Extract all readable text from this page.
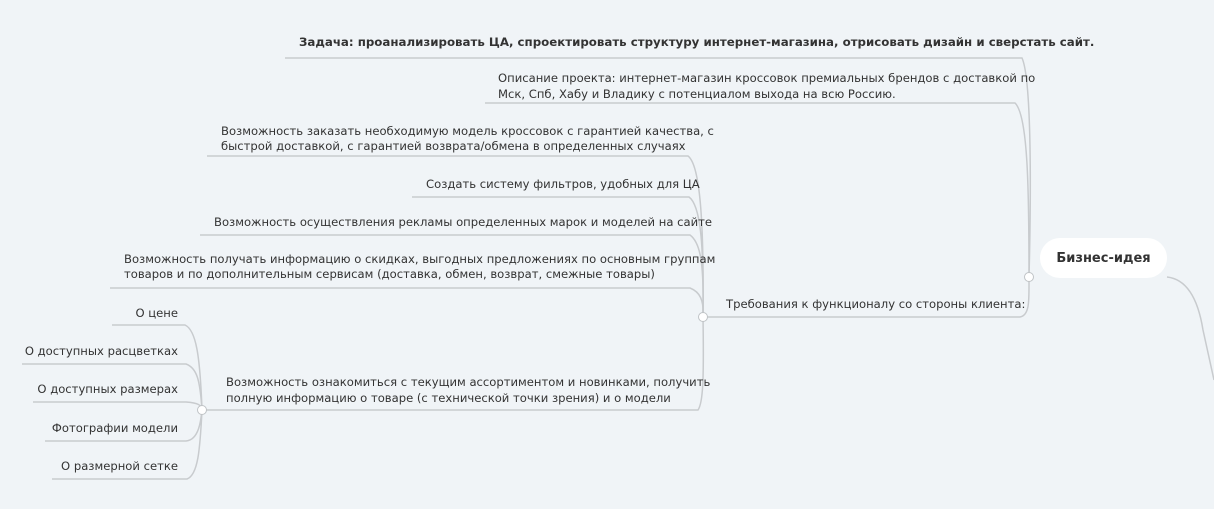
Задача: проанализировать ЦА, спроектировать структуру интернет-магазина, отрисовать дизайн и сверстать сайт.
Описание проекта: интернет-магазин кроссовок премиальных брендов с доставкой по
Мск, Спб, Хабу и Владику с потенциалом выхода на всю Россию.
Возможность заказать необходимую модель кроссовок с гарантией качества, с
быстрой доставкой, с гарантией возврата/обмена в определенных случаях
Создать систему фильтров, удобных для ЦА
Возможность осуществления рекламы определенных марок и моделей на сайте
Возможность получать информацию о скидках, выгодных предложениях по основным группам
товаров и по дополнительным сервисам (доставка, обмен, возврат, смежные товары)
Требования к функционалу со стороны клиента:
Возможность ознакомиться с текущим ассортиментом и новинками, получить
полную информацию о товаре (с технической точки зрения) и о модели
О цене
О доступных расцветках
О доступных размерах
Фотографии модели
О размерной сетке
Бизнес-идея
